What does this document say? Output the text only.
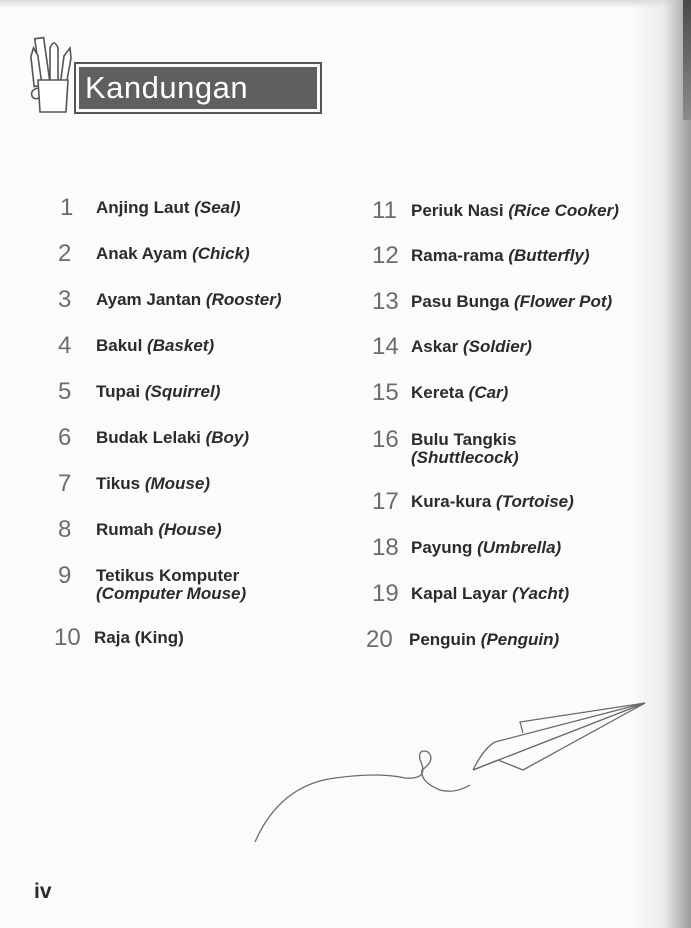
Kandungan
1 Anjing Laut (Seal)
2 Anak Ayam (Chick)
3 Ayam Jantan (Rooster)
4 Bakul (Basket)
5 Tupai (Squirrel)
6 Budak Lelaki (Boy)
7 Tikus (Mouse)
8 Rumah (House)
9 Tetikus Komputer
(Computer Mouse)
10 Raja (King)
11 Periuk Nasi (Rice Cooker)
12 Rama-rama (Butterfly)
13 Pasu Bunga (Flower Pot)
14 Askar (Soldier)
15 Kereta (Car)
16 Bulu Tangkis
(Shuttlecock)
17 Kura-kura (Tortoise)
18 Payung (Umbrella)
19 Kapal Layar (Yacht)
20 Penguin (Penguin)
iv
